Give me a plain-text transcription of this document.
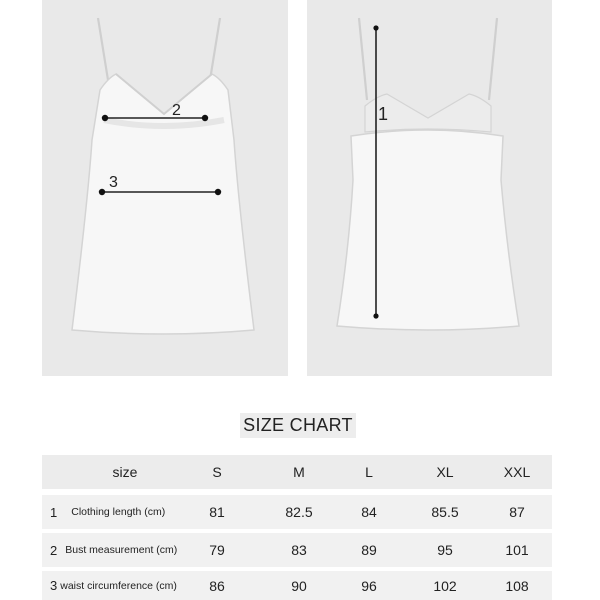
2
3
1
SIZE CHART
size	S	M	L	XL	XXL
1 Clothing length (cm)	81	82.5	84	85.5	87
2 Bust measurement (cm)	79	83	89	95	101
3 waist circumference (cm)	86	90	96	102	108
